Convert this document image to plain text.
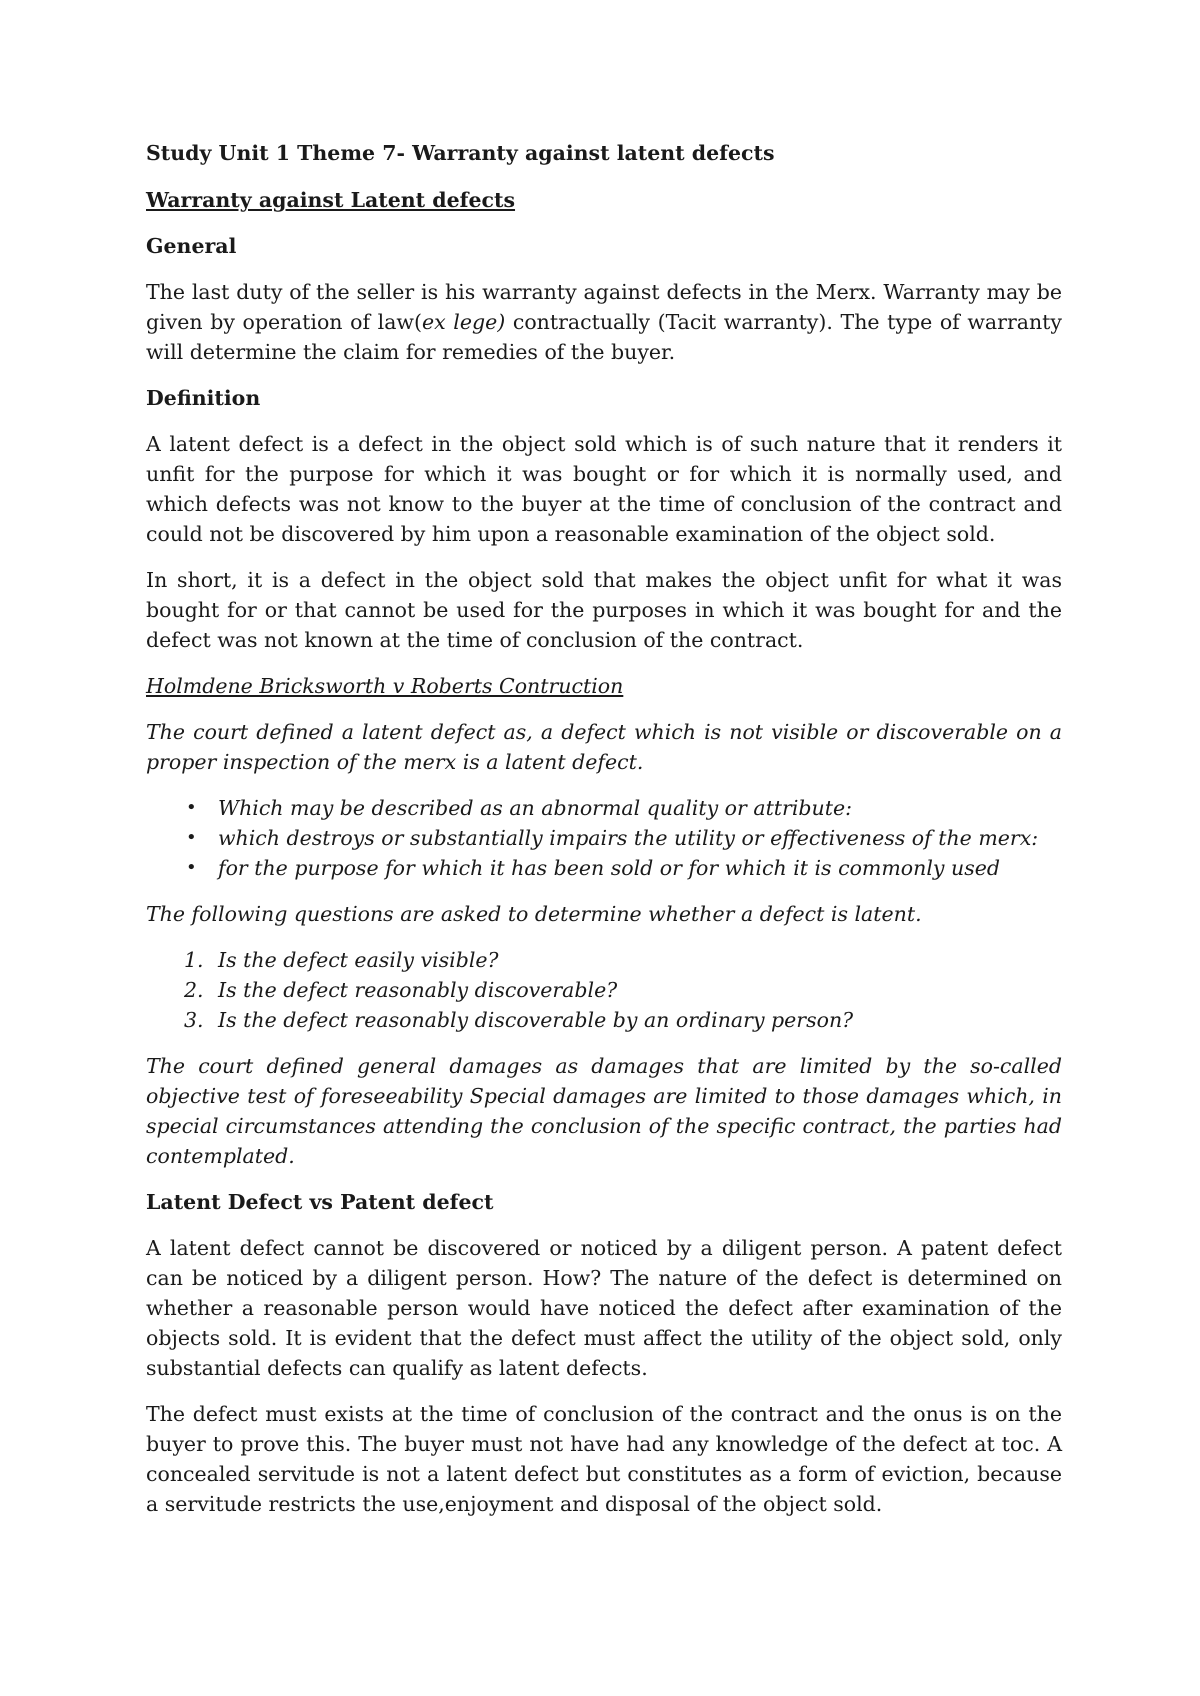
Study Unit 1 Theme 7- Warranty against latent defects

Warranty against Latent defects

General

The last duty of the seller is his warranty against defects in the Merx. Warranty may be given by operation of law(ex lege) contractually (Tacit warranty). The type of warranty will determine the claim for remedies of the buyer.

Definition

A latent defect is a defect in the object sold which is of such nature that it renders it unfit for the purpose for which it was bought or for which it is normally used, and which defects was not know to the buyer at the time of conclusion of the contract and could not be discovered by him upon a reasonable examination of the object sold.

In short, it is a defect in the object sold that makes the object unfit for what it was bought for or that cannot be used for the purposes in which it was bought for and the defect was not known at the time of conclusion of the contract.

Holmdene Bricksworth v Roberts Contruction

The court defined a latent defect as, a defect which is not visible or discoverable on a proper inspection of the merx is a latent defect.

• Which may be described as an abnormal quality or attribute:
• which destroys or substantially impairs the utility or effectiveness of the merx:
• for the purpose for which it has been sold or for which it is commonly used

The following questions are asked to determine whether a defect is latent.

1. Is the defect easily visible?
2. Is the defect reasonably discoverable?
3. Is the defect reasonably discoverable by an ordinary person?

The court defined general damages as damages that are limited by the so-called objective test of foreseeability Special damages are limited to those damages which, in special circumstances attending the conclusion of the specific contract, the parties had contemplated.

Latent Defect vs Patent defect

A latent defect cannot be discovered or noticed by a diligent person. A patent defect can be noticed by a diligent person. How? The nature of the defect is determined on whether a reasonable person would have noticed the defect after examination of the objects sold. It is evident that the defect must affect the utility of the object sold, only substantial defects can qualify as latent defects.

The defect must exists at the time of conclusion of the contract and the onus is on the buyer to prove this. The buyer must not have had any knowledge of the defect at toc. A concealed servitude is not a latent defect but constitutes as a form of eviction, because a servitude restricts the use,enjoyment and disposal of the object sold.
